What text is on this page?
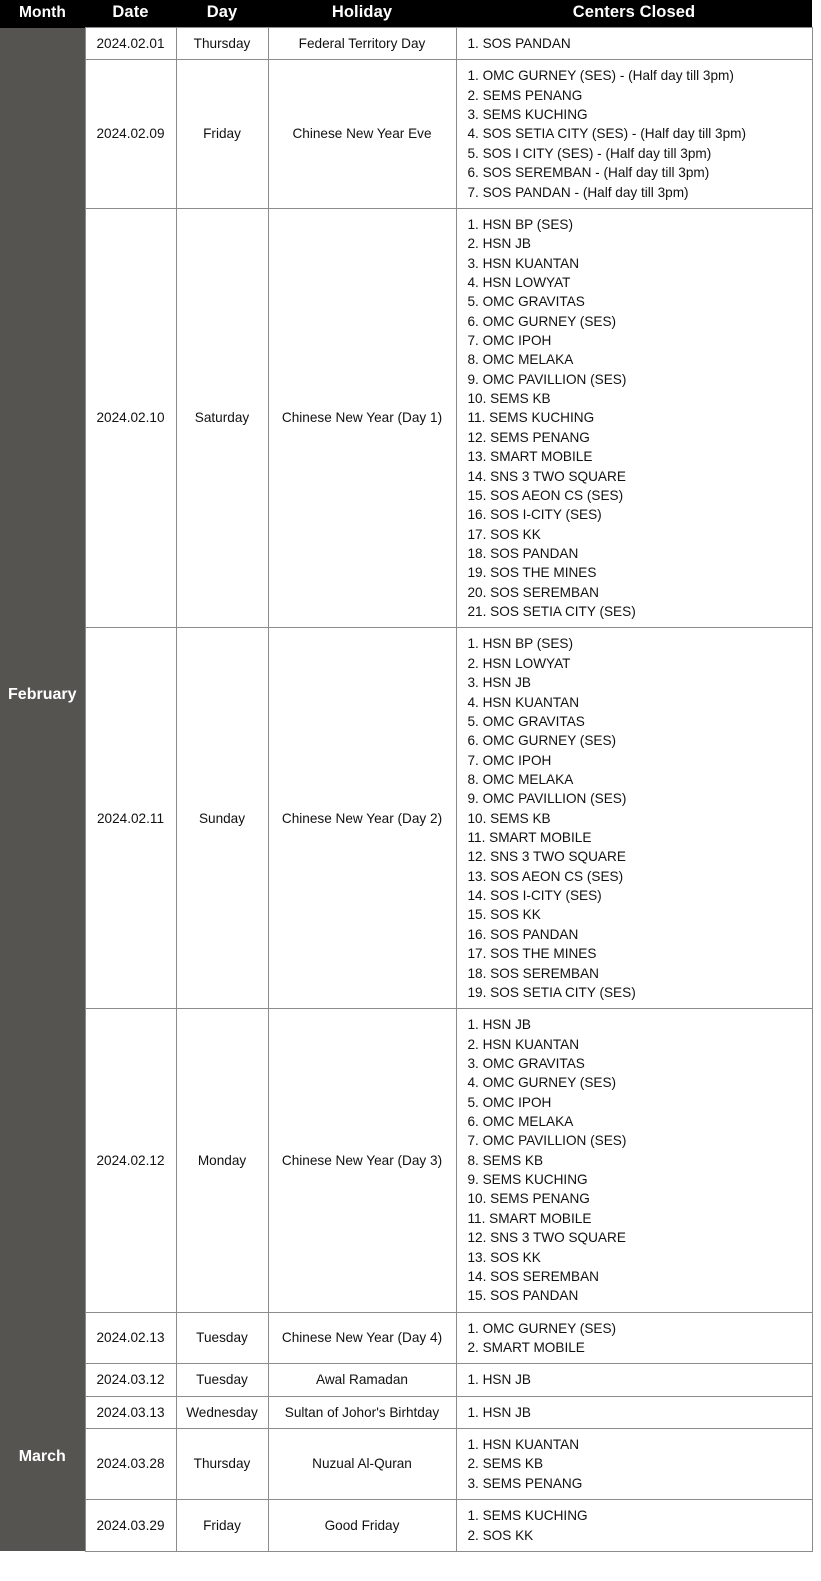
Month	Date	Day	Holiday	Centers Closed
February	2024.02.01	Thursday	Federal Territory Day	1. SOS PANDAN

2024.02.09	Friday	Chinese New Year Eve	
1. OMC GURNEY (SES) - (Half day till 3pm)
2. SEMS PENANG
3. SEMS KUCHING
4. SOS SETIA CITY (SES) - (Half day till 3pm)
5. SOS I CITY (SES) - (Half day till 3pm)
6. SOS SEREMBAN - (Half day till 3pm)
7. SOS PANDAN - (Half day till 3pm)

2024.02.10	Saturday	Chinese New Year (Day 1)	
1. HSN BP (SES)
2. HSN JB
3. HSN KUANTAN
4. HSN LOWYAT
5. OMC GRAVITAS
6. OMC GURNEY (SES)
7. OMC IPOH
8. OMC MELAKA
9. OMC PAVILLION (SES)
10. SEMS KB
11. SEMS KUCHING
12. SEMS PENANG
13. SMART MOBILE
14. SNS 3 TWO SQUARE
15. SOS AEON CS (SES)
16. SOS I-CITY (SES)
17. SOS KK
18. SOS PANDAN
19. SOS THE MINES
20. SOS SEREMBAN
21. SOS SETIA CITY (SES)

2024.02.11	Sunday	Chinese New Year (Day 2)	
1. HSN BP (SES)
2. HSN LOWYAT
3. HSN JB
4. HSN KUANTAN
5. OMC GRAVITAS
6. OMC GURNEY (SES)
7. OMC IPOH
8. OMC MELAKA
9. OMC PAVILLION (SES)
10. SEMS KB
11. SMART MOBILE
12. SNS 3 TWO SQUARE
13. SOS AEON CS (SES)
14. SOS I-CITY (SES)
15. SOS KK
16. SOS PANDAN
17. SOS THE MINES
18. SOS SEREMBAN
19. SOS SETIA CITY (SES)

2024.02.12	Monday	Chinese New Year (Day 3)	
1. HSN JB
2. HSN KUANTAN
3. OMC GRAVITAS
4. OMC GURNEY (SES)
5. OMC IPOH
6. OMC MELAKA
7. OMC PAVILLION (SES)
8. SEMS KB
9. SEMS KUCHING
10. SEMS PENANG
11. SMART MOBILE
12. SNS 3 TWO SQUARE
13. SOS KK
14. SOS SEREMBAN
15. SOS PANDAN

2024.02.13	Tuesday	Chinese New Year (Day 4)	
1. OMC GURNEY (SES)
2. SMART MOBILE

March	2024.03.12	Tuesday	Awal Ramadan	1. HSN JB

2024.03.13	Wednesday	Sultan of Johor's Birhtday	1. HSN JB

2024.03.28	Thursday	Nuzual Al-Quran	
1. HSN KUANTAN
2. SEMS KB
3. SEMS PENANG

2024.03.29	Friday	Good Friday	
1. SEMS KUCHING
2. SOS KK
